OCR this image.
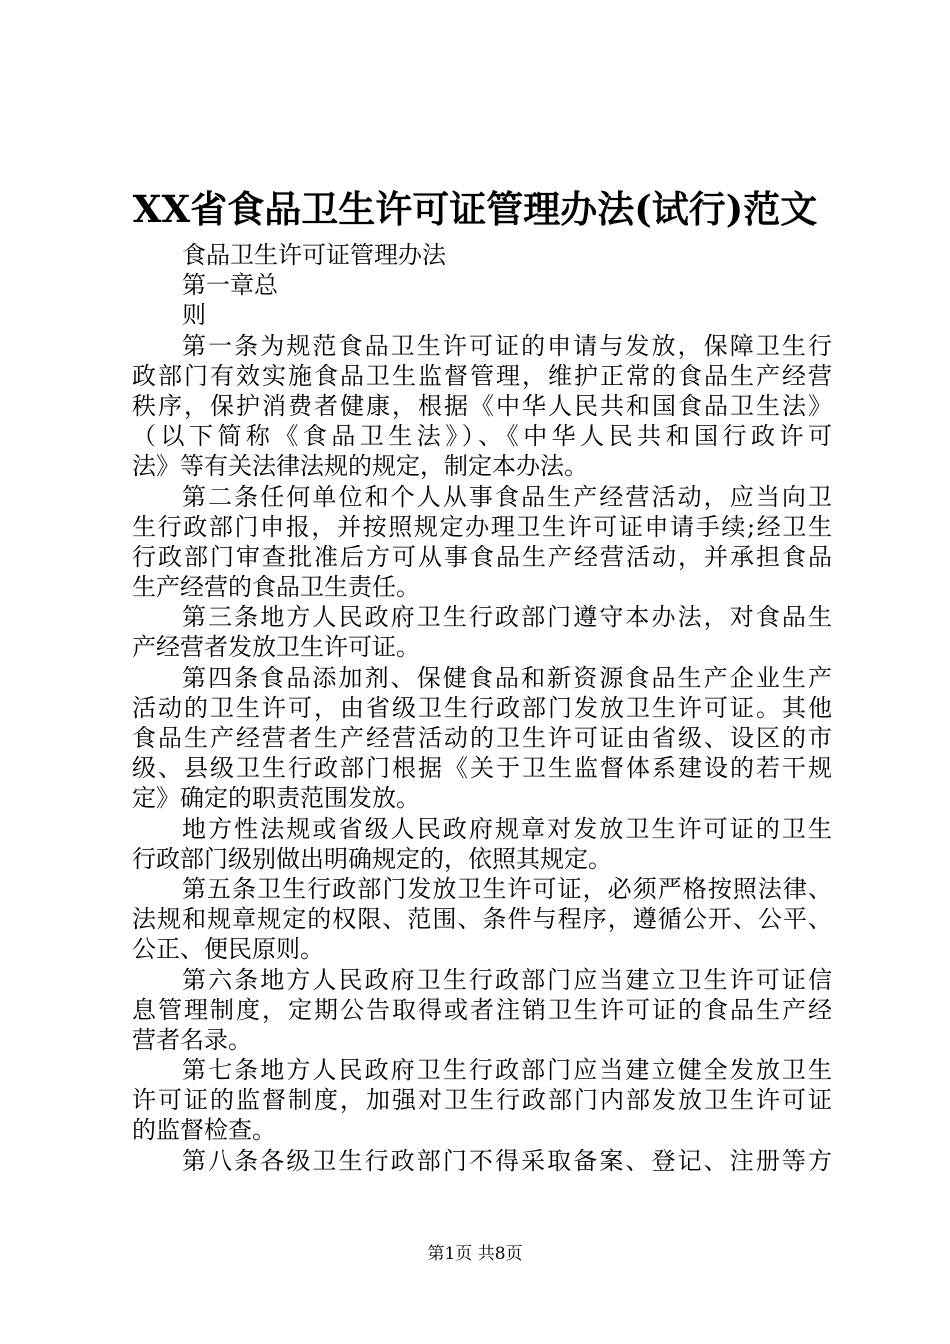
XX省食品卫生许可证管理办法(试行)范文
食品卫生许可证管理办法
第一章总
则
第一条为规范食品卫生许可证的申请与发放，保障卫生行
政部门有效实施食品卫生监督管理，维护正常的食品生产经营
秩序，保护消费者健康，根据《中华人民共和国食品卫生法》
（以下简称《食品卫生法》）、《中华人民共和国行政许可
法》等有关法律法规的规定，制定本办法。
第二条任何单位和个人从事食品生产经营活动，应当向卫
生行政部门申报，并按照规定办理卫生许可证申请手续;经卫生
行政部门审查批准后方可从事食品生产经营活动，并承担食品
生产经营的食品卫生责任。
第三条地方人民政府卫生行政部门遵守本办法，对食品生
产经营者发放卫生许可证。
第四条食品添加剂、保健食品和新资源食品生产企业生产
活动的卫生许可，由省级卫生行政部门发放卫生许可证。其他
食品生产经营者生产经营活动的卫生许可证由省级、设区的市
级、县级卫生行政部门根据《关于卫生监督体系建设的若干规
定》确定的职责范围发放。
地方性法规或省级人民政府规章对发放卫生许可证的卫生
行政部门级别做出明确规定的，依照其规定。
第五条卫生行政部门发放卫生许可证，必须严格按照法律、
法规和规章规定的权限、范围、条件与程序，遵循公开、公平、
公正、便民原则。
第六条地方人民政府卫生行政部门应当建立卫生许可证信
息管理制度，定期公告取得或者注销卫生许可证的食品生产经
营者名录。
第七条地方人民政府卫生行政部门应当建立健全发放卫生
许可证的监督制度，加强对卫生行政部门内部发放卫生许可证
的监督检查。
第八条各级卫生行政部门不得采取备案、登记、注册等方
第1页 共8页
